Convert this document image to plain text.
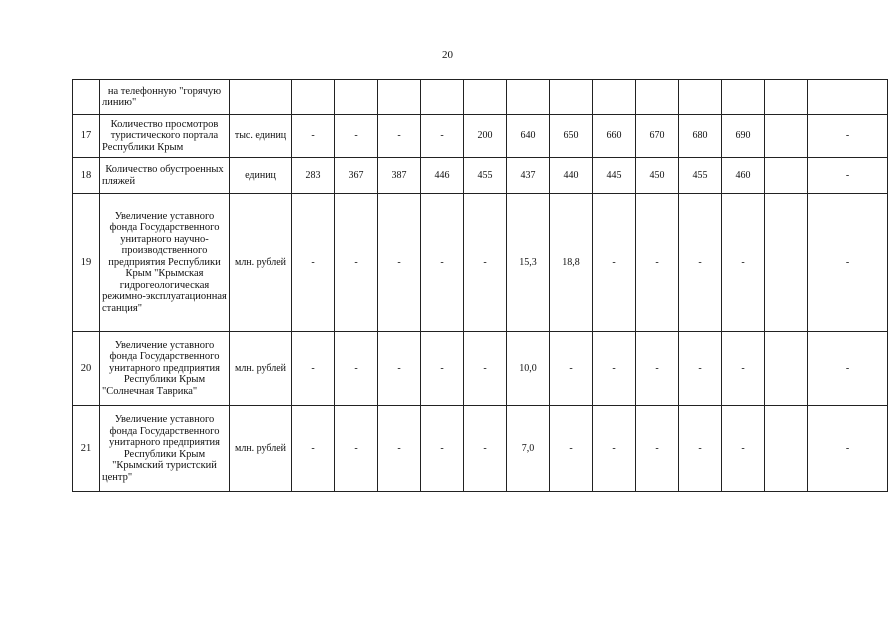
20
	на телефонную "горячую линию"														
17	Количество просмотров туристического портала Республики Крым	тыс. единиц	-	-	-	-	200	640	650	660	670	680	690		-
18	Количество обустроенных пляжей	единиц	283	367	387	446	455	437	440	445	450	455	460		-
19	Увеличение уставного фонда Государственного унитарного научно-производственного предприятия Республики Крым "Крымская гидрогеологическая режимно-эксплуатационная станция"	млн. рублей	-	-	-	-	-	15,3	18,8	-	-	-	-		-
20	Увеличение уставного фонда Государственного унитарного предприятия Республики Крым "Солнечная Таврика"	млн. рублей	-	-	-	-	-	10,0	-	-	-	-	-		-
21	Увеличение уставного фонда Государственного унитарного предприятия Республики Крым "Крымский туристский центр"	млн. рублей	-	-	-	-	-	7,0	-	-	-	-	-		-
